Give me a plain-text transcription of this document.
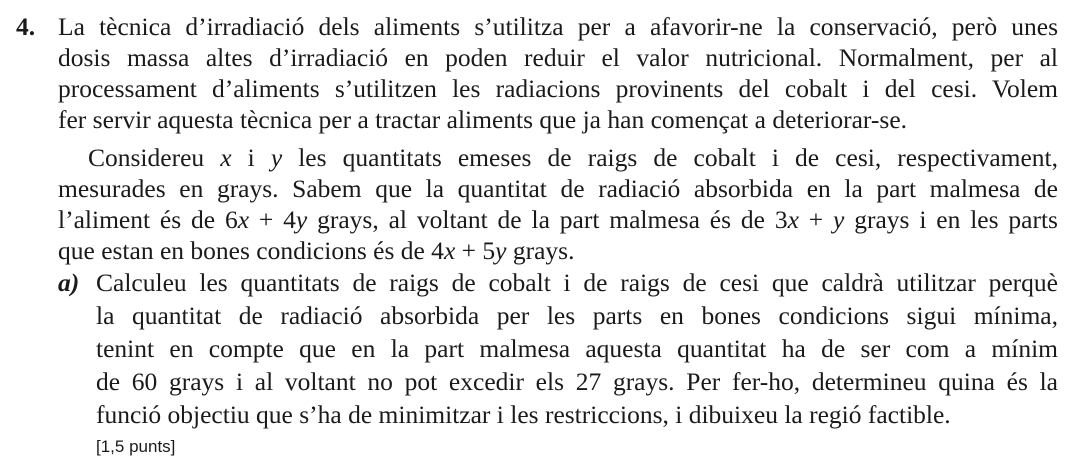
4. La tècnica d’irradiació dels aliments s’utilitza per a afavorir-ne la conservació, però unes
dosis massa altes d’irradiació en poden reduir el valor nutricional. Normalment, per al
processament d’aliments s’utilitzen les radiacions provinents del cobalt i del cesi. Volem
fer servir aquesta tècnica per a tractar aliments que ja han començat a deteriorar-se.
Considereu x i y les quantitats emeses de raigs de cobalt i de cesi, respectivament,
mesurades en grays. Sabem que la quantitat de radiació absorbida en la part malmesa de
l’aliment és de 6x + 4y grays, al voltant de la part malmesa és de 3x + y grays i en les parts
que estan en bones condicions és de 4x + 5y grays.
a) Calculeu les quantitats de raigs de cobalt i de raigs de cesi que caldrà utilitzar perquè
la quantitat de radiació absorbida per les parts en bones condicions sigui mínima,
tenint en compte que en la part malmesa aquesta quantitat ha de ser com a mínim
de 60 grays i al voltant no pot excedir els 27 grays. Per fer-ho, determineu quina és la
funció objectiu que s’ha de minimitzar i les restriccions, i dibuixeu la regió factible.
[1,5 punts]
